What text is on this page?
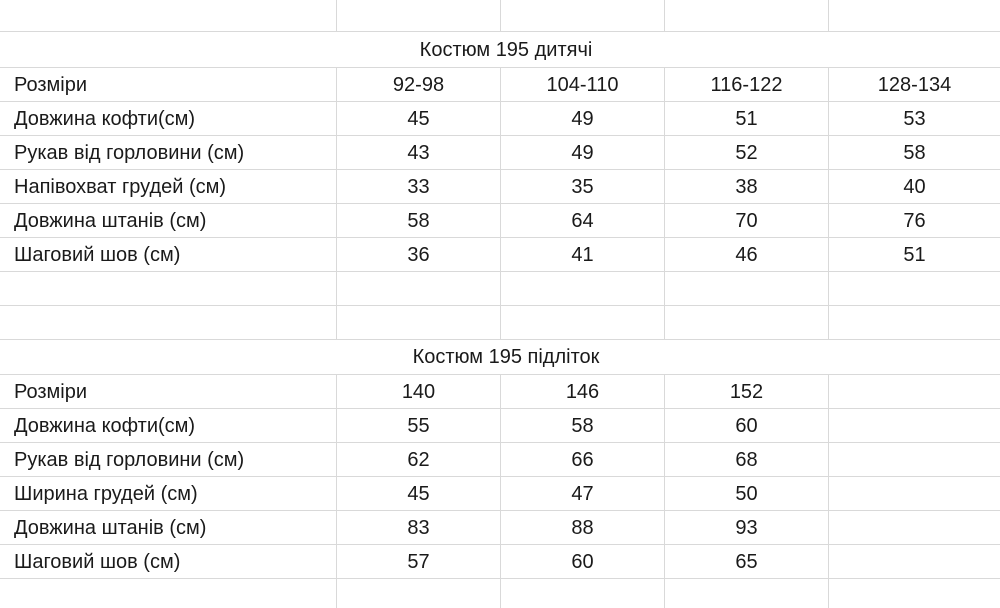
Костюм 195 дитячі
Розміри	92-98	104-110	116-122	128-134
Довжина кофти(см)	45	49	51	53
Рукав від горловини (см)	43	49	52	58
Напівохват грудей (см)	33	35	38	40
Довжина штанів (см)	58	64	70	76
Шаговий шов (см)	36	41	46	51
Костюм 195 підліток
Розміри	140	146	152
Довжина кофти(см)	55	58	60
Рукав від горловини (см)	62	66	68
Ширина грудей (см)	45	47	50
Довжина штанів (см)	83	88	93
Шаговий шов (см)	57	60	65
